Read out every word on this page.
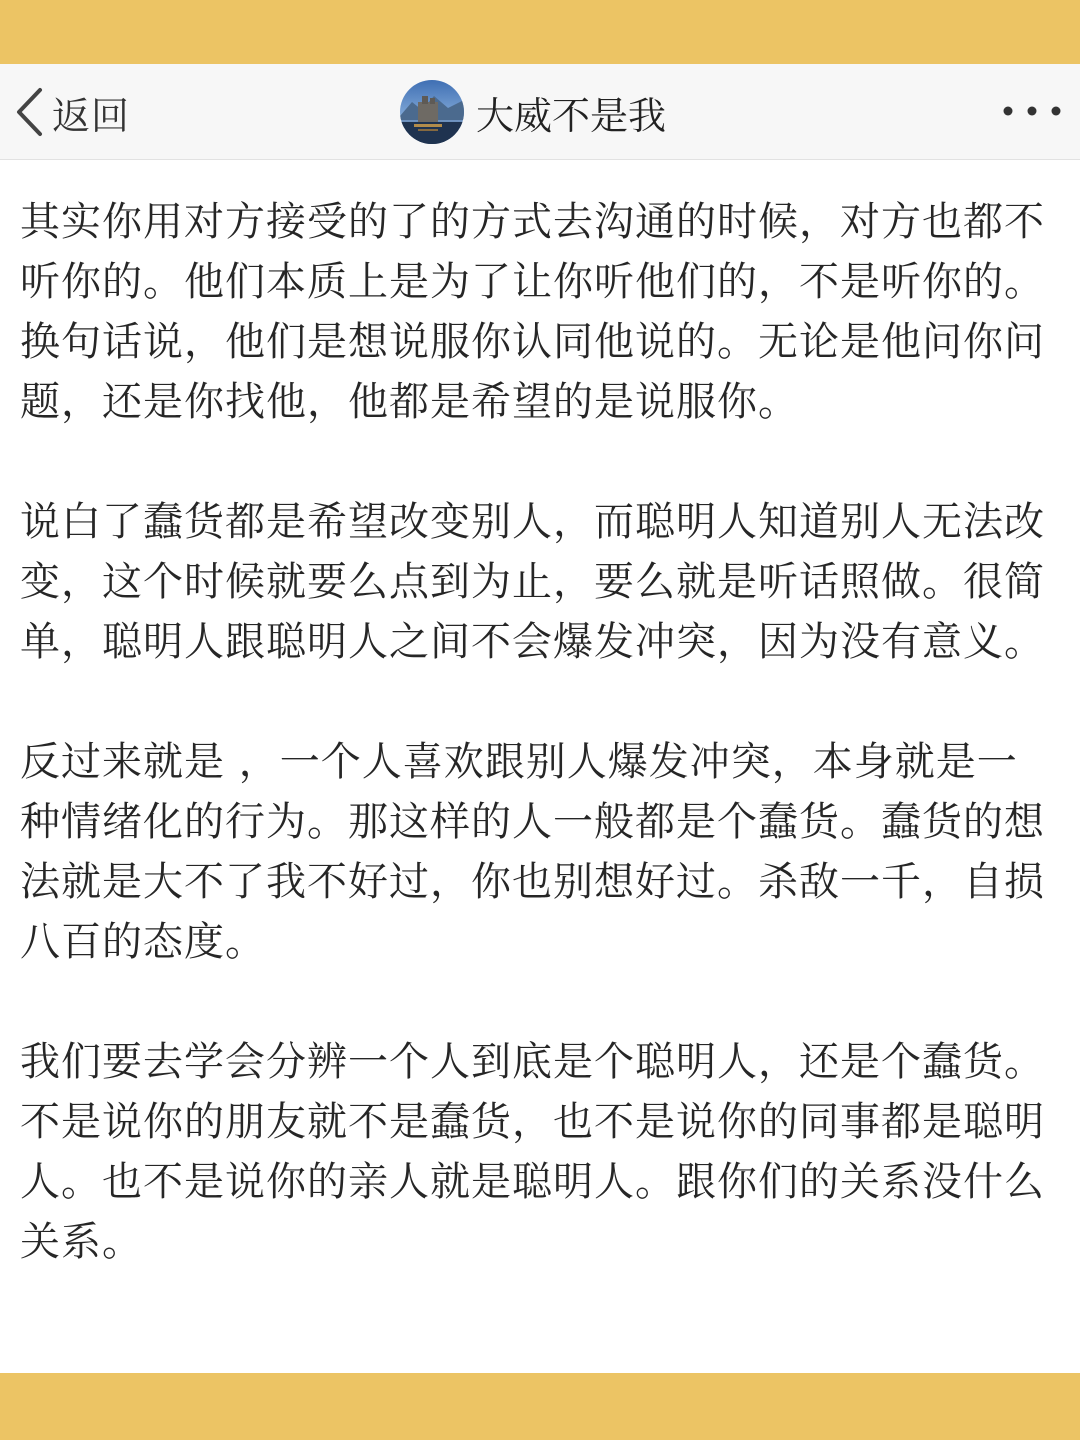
返回	大威不是我

其实你用对方接受的了的方式去沟通的时候，对方也都不听你的。他们本质上是为了让你听他们的，不是听你的。换句话说，他们是想说服你认同他说的。无论是他问你问题，还是你找他，他都是希望的是说服你。

说白了蠢货都是希望改变别人，而聪明人知道别人无法改变，这个时候就要么点到为止，要么就是听话照做。很简单，聪明人跟聪明人之间不会爆发冲突，因为没有意义。

反过来就是 ，一个人喜欢跟别人爆发冲突，本身就是一种情绪化的行为。那这样的人一般都是个蠢货。蠢货的想法就是大不了我不好过，你也别想好过。杀敌一千，自损八百的态度。

我们要去学会分辨一个人到底是个聪明人，还是个蠢货。不是说你的朋友就不是蠢货，也不是说你的同事都是聪明人。也不是说你的亲人就是聪明人。跟你们的关系没什么关系。
